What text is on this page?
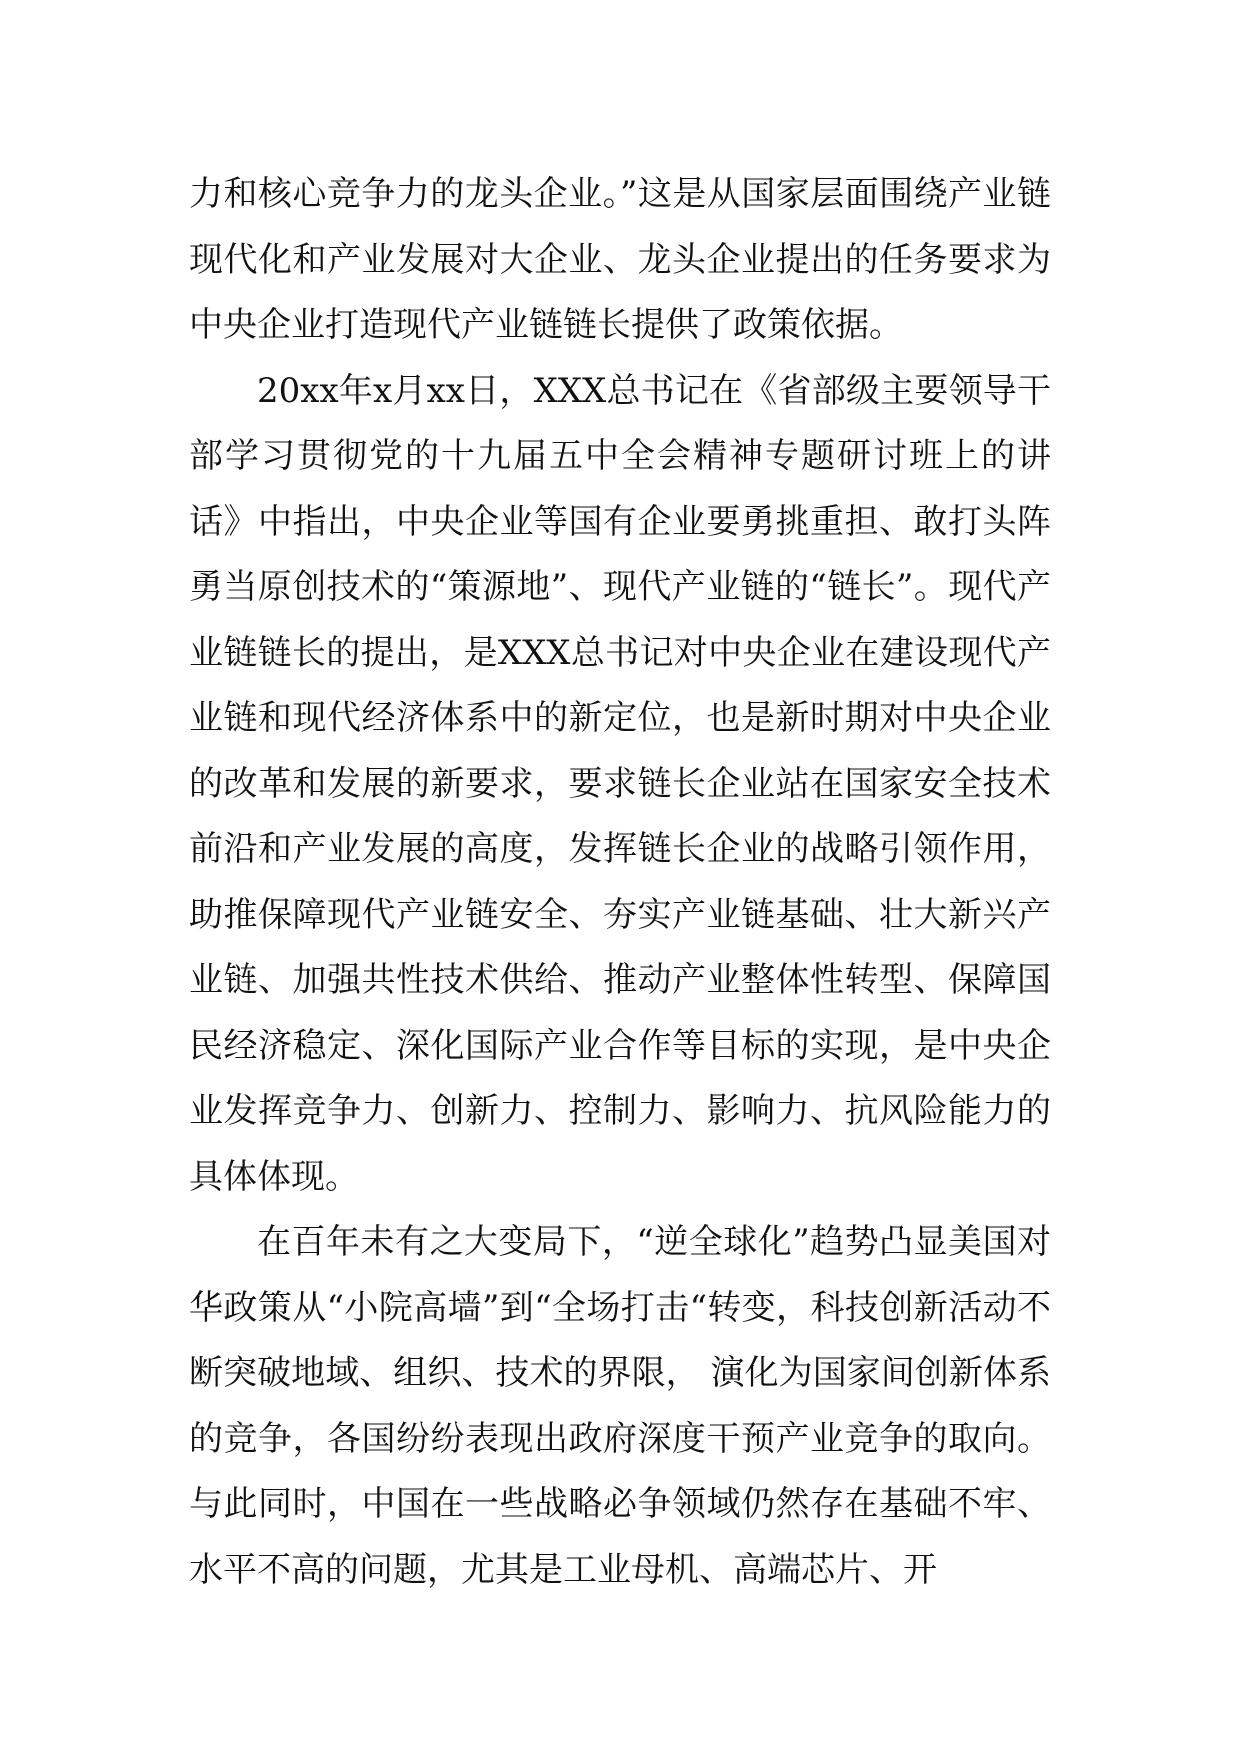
力和核心竞争力的龙头企业。”这是从国家层面围绕产业链现代化和产业发展对大企业、龙头企业提出的任务要求为中央企业打造现代产业链链长提供了政策依据。

20xx年x月xx日，XXX总书记在《省部级主要领导干部学习贯彻党的十九届五中全会精神专题研讨班上的讲话》中指出，中央企业等国有企业要勇挑重担、敢打头阵勇当原创技术的“策源地”、现代产业链的“链长”。现代产业链链长的提出，是XXX总书记对中央企业在建设现代产业链和现代经济体系中的新定位，也是新时期对中央企业的改革和发展的新要求，要求链长企业站在国家安全技术前沿和产业发展的高度，发挥链长企业的战略引领作用， 助推保障现代产业链安全、夯实产业链基础、壮大新兴产业链、加强共性技术供给、推动产业整体性转型、保障国民经济稳定、深化国际产业合作等目标的实现，是中央企业发挥竞争力、创新力、控制力、影响力、抗风险能力的具体体现。

在百年未有之大变局下，“逆全球化”趋势凸显美国对华政策从“小院高墙”到“全场打击“转变，科技创新活动不断突破地域、组织、技术的界限， 演化为国家间创新体系的竞争，各国纷纷表现出政府深度干预产业竞争的取向。与此同时，中国在一些战略必争领域仍然存在基础不牢、水平不高的问题，尤其是工业母机、高端芯片、开
